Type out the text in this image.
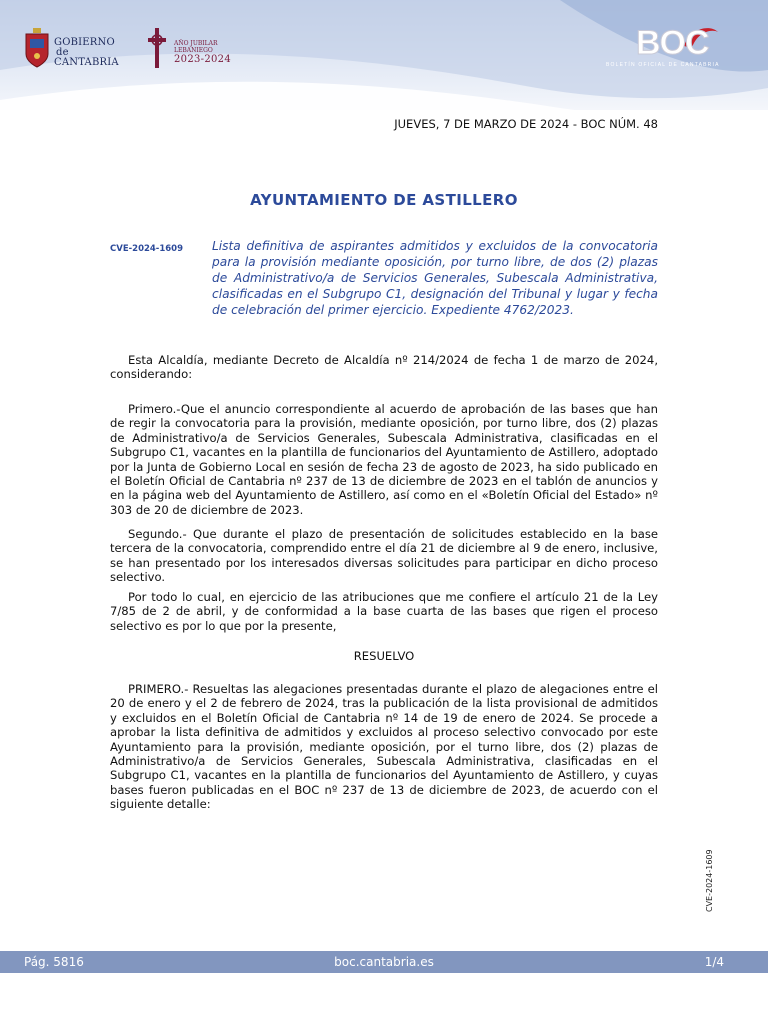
GOBIERNO
de
CANTABRIA
AÑO JUBILAR
LEBANIEGO
2023-2024	BOC
BOLETÍN OFICIAL DE CANTABRIA
JUEVES, 7 DE MARZO DE 2024 - BOC NÚM. 48
AYUNTAMIENTO DE ASTILLERO
CVE-2024-1609 Lista definitiva de aspirantes admitidos y excluidos de la convocatoria para la provisión mediante oposición, por turno libre, de dos (2) plazas de Administrativo/a de Servicios Generales, Subescala Administrativa, clasificadas en el Subgrupo C1, designación del Tribunal y lugar y fecha de celebración del primer ejercicio. Expediente 4762/2023.

Esta Alcaldía, mediante Decreto de Alcaldía nº 214/2024 de fecha 1 de marzo de 2024, considerando:

Primero.-Que el anuncio correspondiente al acuerdo de aprobación de las bases que han de regir la convocatoria para la provisión, mediante oposición, por turno libre, dos (2) plazas de Administrativo/a de Servicios Generales, Subescala Administrativa, clasificadas en el Subgrupo C1, vacantes en la plantilla de funcionarios del Ayuntamiento de Astillero, adoptado por la Junta de Gobierno Local en sesión de fecha 23 de agosto de 2023, ha sido publicado en el Boletín Oficial de Cantabria nº 237 de 13 de diciembre de 2023 en el tablón de anuncios y en la página web del Ayuntamiento de Astillero, así como en el «Boletín Oficial del Estado» nº 303 de 20 de diciembre de 2023.

Segundo.- Que durante el plazo de presentación de solicitudes establecido en la base tercera de la convocatoria, comprendido entre el día 21 de diciembre al 9 de enero, inclusive, se han presentado por los interesados diversas solicitudes para participar en dicho proceso selectivo.

Por todo lo cual, en ejercicio de las atribuciones que me confiere el artículo 21 de la Ley 7/85 de 2 de abril, y de conformidad a la base cuarta de las bases que rigen el proceso selectivo es por lo que por la presente,

RESUELVO

PRIMERO.- Resueltas las alegaciones presentadas durante el plazo de alegaciones entre el 20 de enero y el 2 de febrero de 2024, tras la publicación de la lista provisional de admitidos y excluidos en el Boletín Oficial de Cantabria nº 14 de 19 de enero de 2024. Se procede a aprobar la lista definitiva de admitidos y excluidos al proceso selectivo convocado por este Ayuntamiento para la provisión, mediante oposición, por el turno libre, dos (2) plazas de Administrativo/a de Servicios Generales, Subescala Administrativa, clasificadas en el Subgrupo C1, vacantes en la plantilla de funcionarios del Ayuntamiento de Astillero, y cuyas bases fueron publicadas en el BOC nº 237 de 13 de diciembre de 2023, de acuerdo con el siguiente detalle:

CVE-2024-1609
Pág. 5816	boc.cantabria.es	1/4
